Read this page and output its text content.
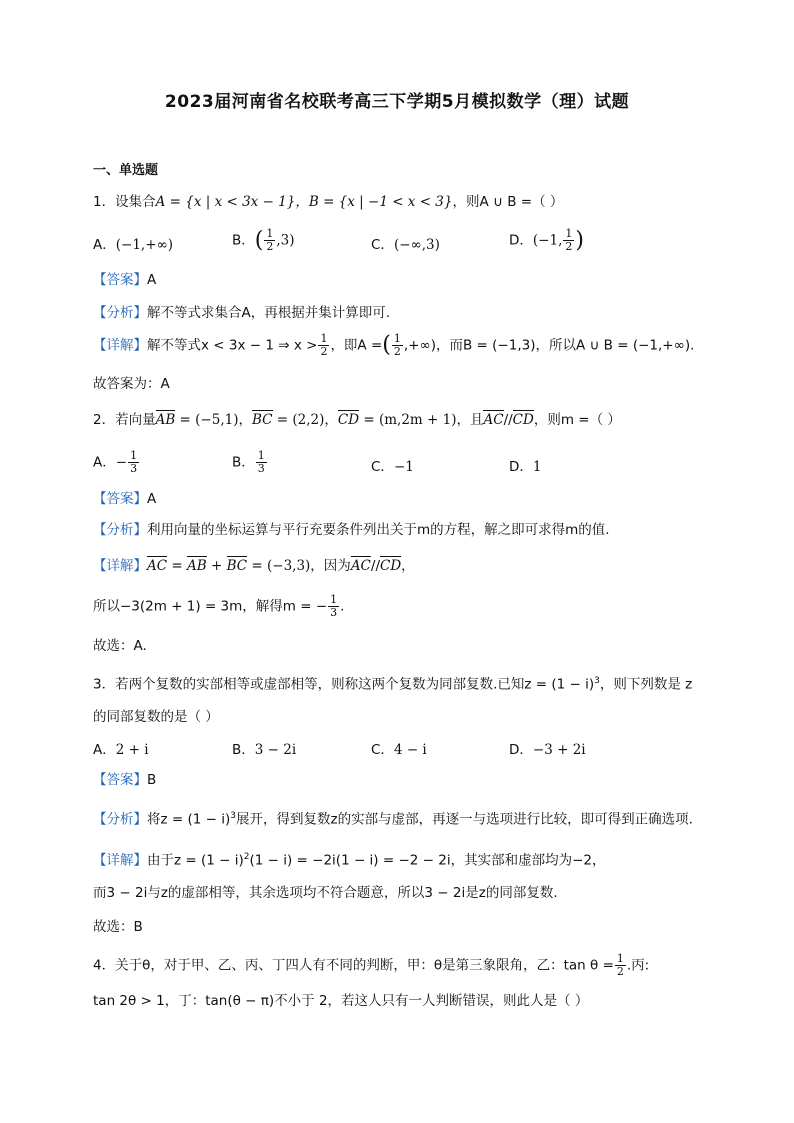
2023届河南省名校联考高三下学期5月模拟数学（理）试题
一、单选题
1．设集合A = {x | x < 3x − 1}，B = {x | −1 < x < 3}，则A ∪ B =（ ）
A．(−1,+∞)	B．( $\frac{1}{2} ,3$)	C．(−∞,3)	D．(−1, $\frac{1}{2}$ )
【答案】A
【分析】解不等式求集合A，再根据并集计算即可.
【详解】解不等式x < 3x − 1 ⇒ $x > \frac{1}{2}$ ，即A =( $\frac{1}{2}$ ,+∞)，而B = (−1,3)，所以A ∪ B = (−1,+∞).
故答案为：A
2．若向量AB = (−5,1)，BC = (2,2)，CD = (m,2m + 1)，且AC//CD，则m =（ ）
A．− $\frac{1}{3}$	B． $\frac{1}{3}$	C．−1	D．1
【答案】A
【分析】利用向量的坐标运算与平行充要条件列出关于m的方程，解之即可求得m的值.
【详解】AC = AB + BC = (−3,3)，因为AC//CD，
所以−3(2m + 1) = 3m，解得m = − $\frac{1}{3}$ .
故选：A.
3．若两个复数的实部相等或虚部相等，则称这两个复数为同部复数.已知$z = (1 - i)^3$，则下列数是 z
的同部复数的是（ ）
A．2 + i	B．3 − 2i	C．4 − i	D．−3 + 2i
【答案】B
【分析】将$z = (1 - i)^3$展开，得到复数z的实部与虚部，再逐一与选项进行比较，即可得到正确选项.
【详解】由于$z = (1 - i)^2(1 - i) = -2i(1 - i) = -2 - 2i$，其实部和虚部均为−2，
而3 − 2i与z的虚部相等，其余选项均不符合题意，所以3 − 2i是z的同部复数.
故选：B
4．关于θ，对于甲、乙、丙、丁四人有不同的判断，甲：θ是第三象限角，乙：$\tan \theta = \frac{1}{2}$ .丙:
tan 2θ > 1，丁：tan(θ − π)不小于 2，若这人只有一人判断错误，则此人是（ ）
